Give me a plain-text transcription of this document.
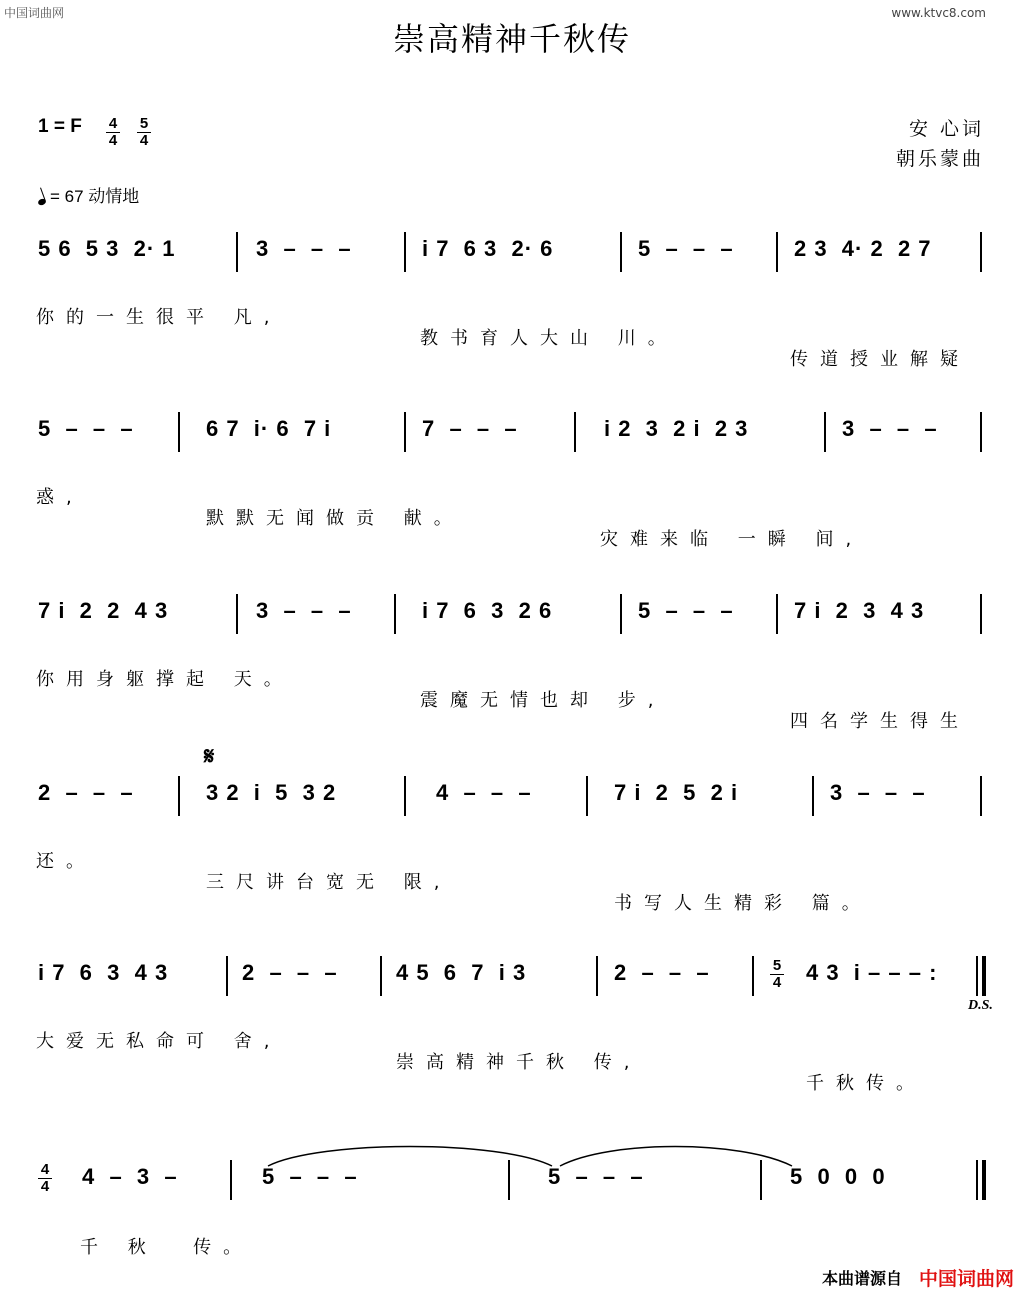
中国词曲网	www.ktvc8.com
崇高精神千秋传
1 = F 4
4
5
4
安 心词
朝乐蒙曲
= 67 动情地
5 6  5 3  2· 1	3  –  –  –	i 7  6 3  2· 6	5  –  –  –	2 3  4· 2  2 7

你的一生很平 凡,

教书育人大山 川。

传道授业解疑

5  –  –  –	6 7  i· 6  7 i	7  –  –  –	i 2  3  2 i  2 3	3  –  –  –

惑,

默默无闻做贡 献。

灾难来临 一瞬 间,

7 i  2  2  4 3	3  –  –  –	i 7  6  3  2 6	5  –  –  –	7 i  2  3  4 3

你用身躯撑起 天。

震魔无情也却 步,

四名学生得生

𝄋
2  –  –  –	3 2  i  5  3 2	4  –  –  –	7 i  2  5  2 i	3  –  –  –

还。

三尺讲台宽无 限,

书写人生精彩 篇。

i 7  6  3  4 3	2  –  –  –	4 5  6  7  i 3	2  –  –  –	4 3  i – – – :
5
4
D.S.

大爱无私命可 舍,

崇高精神千秋 传,

千秋传。

4
4 4  –  3  –	5  –  –  –	5  –  –  –	5  0  0  0

千 秋  传。

本曲谱源自 中国词曲网
